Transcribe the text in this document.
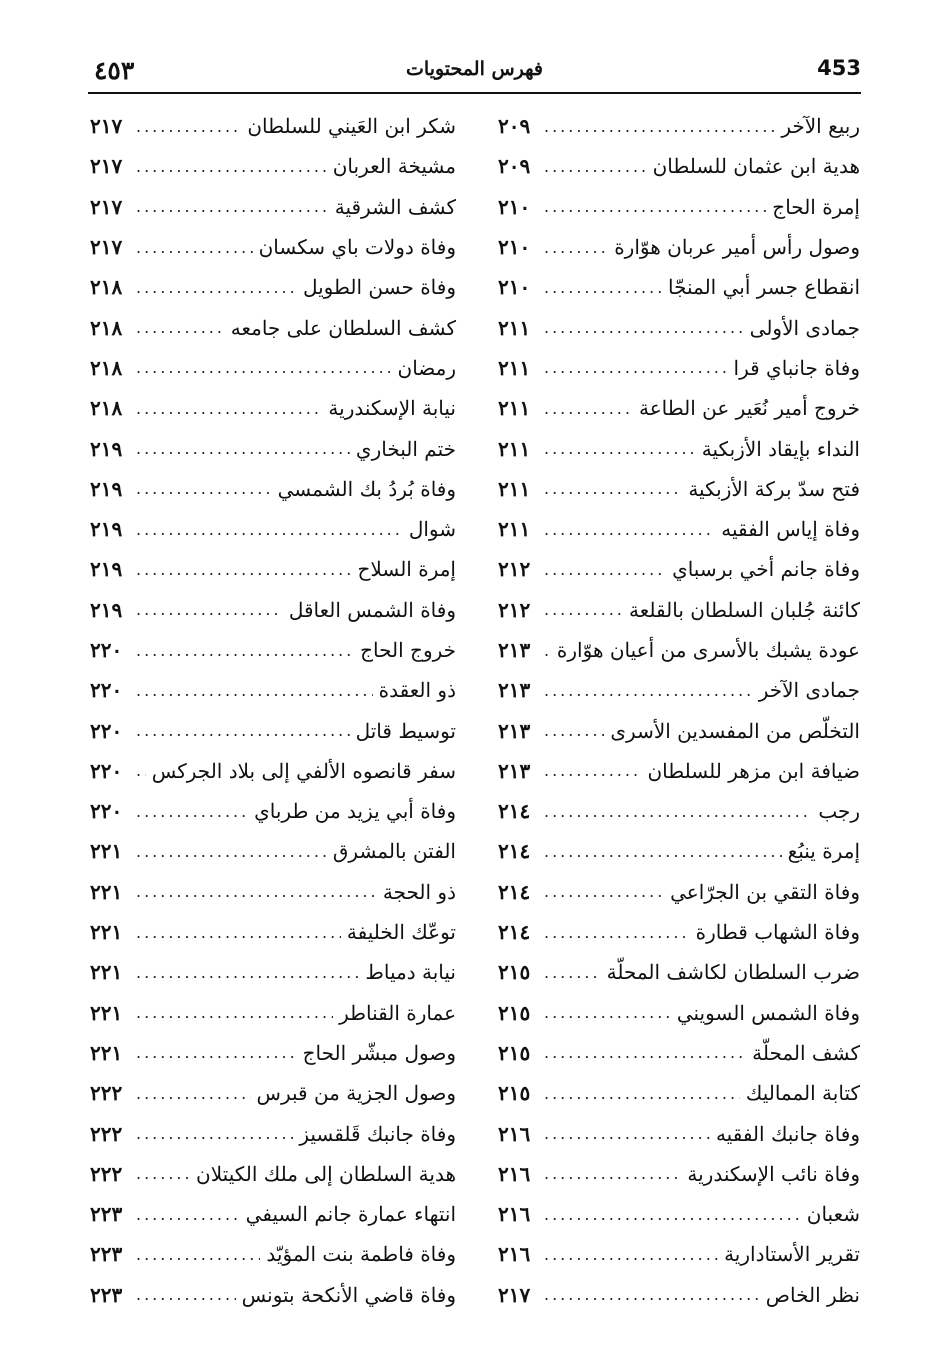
٤٥٣	فهرس المحتويات	453
ربيع الآخر
.....
٢٠٩
هدية ابن عثمان للسلطان
.....
٢٠٩
إمرة الحاج
.....
٢١٠
وصول رأس أمير عربان هوّارة
.....
٢١٠
انقطاع جسر أبي المنجّا
.....
٢١٠
جمادى الأولى
.....
٢١١
وفاة جانباي قرا
.....
٢١١
خروج أمير نُعَير عن الطاعة
.....
٢١١
النداء بإيقاد الأزبكية
.....
٢١١
فتح سدّ بركة الأزبكية
.....
٢١١
وفاة إياس الفقيه
.....
٢١١
وفاة جانم أخي برسباي
.....
٢١٢
كائنة جُلبان السلطان بالقلعة
.....
٢١٢
عودة يشبك بالأسرى من أعيان هوّارة
.....
٢١٣
جمادى الآخر
.....
٢١٣
التخلّص من المفسدين الأسرى
.....
٢١٣
ضيافة ابن مزهر للسلطان
.....
٢١٣
رجب
.....
٢١٤
إمرة ينبُع
.....
٢١٤
وفاة التقي بن الجرّاعي
.....
٢١٤
وفاة الشهاب قطارة
.....
٢١٤
ضرب السلطان لكاشف المحلّة
.....
٢١٥
وفاة الشمس السويني
.....
٢١٥
كشف المحلّة
.....
٢١٥
كتابة المماليك
.....
٢١٥
وفاة جانبك الفقيه
.....
٢١٦
وفاة نائب الإسكندرية
.....
٢١٦
شعبان
.....
٢١٦
تقرير الأستادارية
.....
٢١٦
نظر الخاص
.....
٢١٧
شكر ابن العَيني للسلطان
.....
٢١٧
مشيخة العربان
.....
٢١٧
كشف الشرقية
.....
٢١٧
وفاة دولات باي سكسان
.....
٢١٧
وفاة حسن الطويل
.....
٢١٨
كشف السلطان على جامعه
.....
٢١٨
رمضان
.....
٢١٨
نيابة الإسكندرية
.....
٢١٨
ختم البخاري
.....
٢١٩
وفاة بُردُ بك الشمسي
.....
٢١٩
شوال
.....
٢١٩
إمرة السلاح
.....
٢١٩
وفاة الشمس العاقل
.....
٢١٩
خروج الحاج
.....
٢٢٠
ذو العقدة
.....
٢٢٠
توسيط قاتل
.....
٢٢٠
سفر قانصوه الألفي إلى بلاد الجركس
.....
٢٢٠
وفاة أبي يزيد من طرباي
.....
٢٢٠
الفتن بالمشرق
.....
٢٢١
ذو الحجة
.....
٢٢١
توعّك الخليفة
.....
٢٢١
نيابة دمياط
.....
٢٢١
عمارة القناطر
.....
٢٢١
وصول مبشّر الحاج
.....
٢٢١
وصول الجزية من قبرس
.....
٢٢٢
وفاة جانبك قَلقسيز
.....
٢٢٢
هدية السلطان إلى ملك الكيتلان
.....
٢٢٢
انتهاء عمارة جانم السيفي
.....
٢٢٣
وفاة فاطمة بنت المؤيّد
.....
٢٢٣
وفاة قاضي الأنكحة بتونس
.....
٢٢٣
